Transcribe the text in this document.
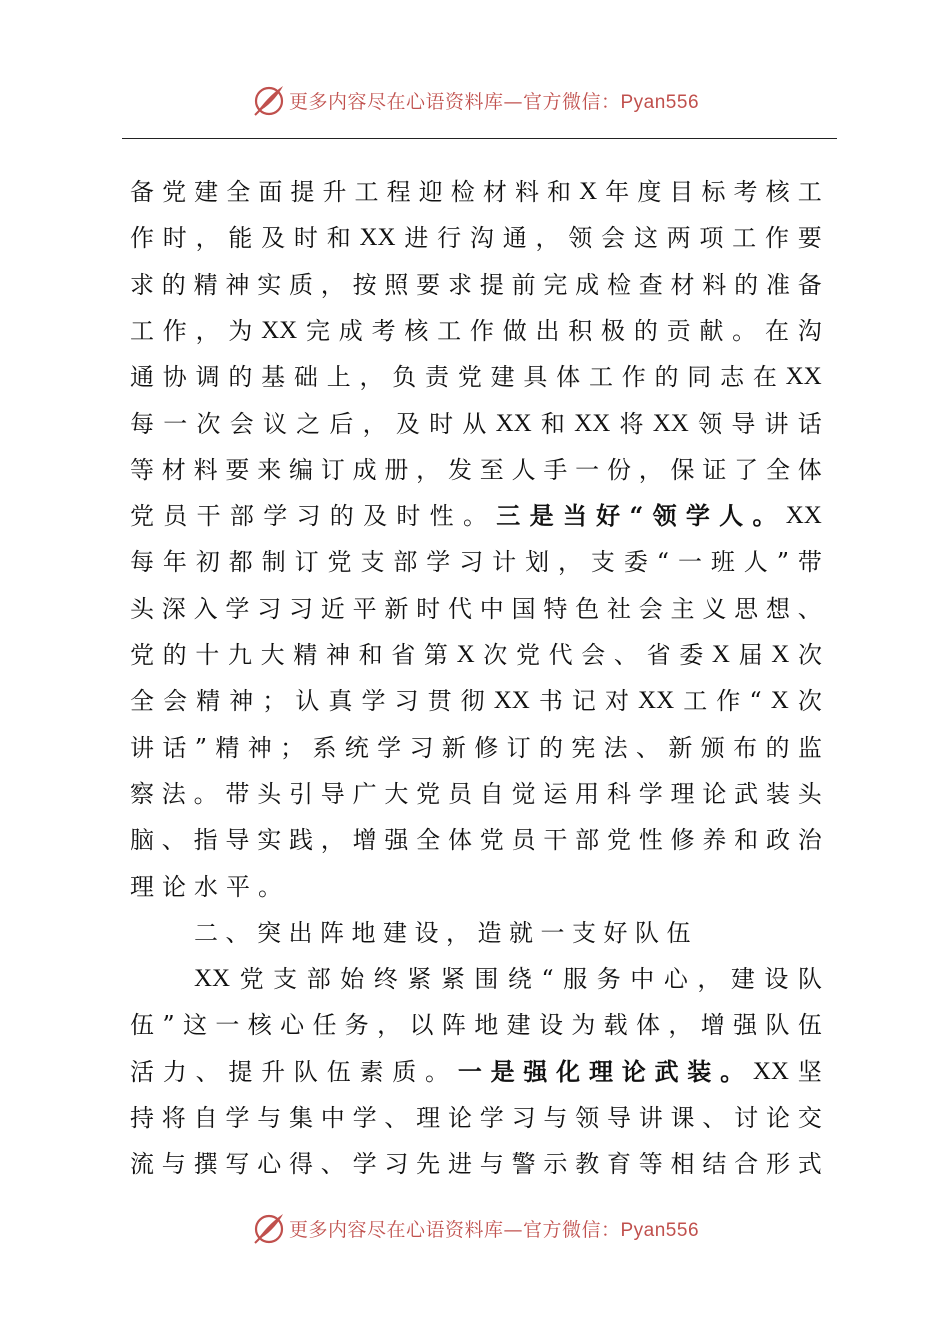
更多内容尽在心语资料库—官方微信：Pyan556
备 党 建 全 面 提 升 工 程 迎 检 材 料 和 X 年 度 目 标 考 核 工
作 时 ， 能 及 时 和 XX 进 行 沟 通 ， 领 会 这 两 项 工 作 要
求 的 精 神 实 质 ， 按 照 要 求 提 前 完 成 检 查 材 料 的 准 备
工 作 ， 为 XX 完 成 考 核 工 作 做 出 积 极 的 贡 献 。 在 沟
通 协 调 的 基 础 上 ， 负 责 党 建 具 体 工 作 的 同 志 在 XX
每 一 次 会 议 之 后 ， 及 时 从 XX 和 XX 将 XX 领 导 讲 话
等 材 料 要 来 编 订 成 册 ， 发 至 人 手 一 份 ， 保 证 了 全 体
党 员 干 部 学 习 的 及 时 性 。 三 是 当 好 “ 领 学 人 。 XX
每 年 初 都 制 订 党 支 部 学 习 计 划 ， 支 委 “ 一 班 人 ” 带
头 深 入 学 习 习 近 平 新 时 代 中 国 特 色 社 会 主 义 思 想 、
党 的 十 九 大 精 神 和 省 第 X 次 党 代 会 、 省 委 X 届 X 次
全 会 精 神 ； 认 真 学 习 贯 彻 XX 书 记 对 XX 工 作 “ X 次
讲 话 ” 精 神 ； 系 统 学 习 新 修 订 的 宪 法 、 新 颁 布 的 监
察 法 。 带 头 引 导 广 大 党 员 自 觉 运 用 科 学 理 论 武 装 头
脑 、 指 导 实 践 ， 增 强 全 体 党 员 干 部 党 性 修 养 和 政 治
理 论 水 平 。
二 、 突 出 阵 地 建 设 ， 造 就 一 支 好 队 伍
XX 党 支 部 始 终 紧 紧 围 绕 “ 服 务 中 心 ， 建 设 队
伍 ” 这 一 核 心 任 务 ， 以 阵 地 建 设 为 载 体 ， 增 强 队 伍
活 力 、 提 升 队 伍 素 质 。 一 是 强 化 理 论 武 装 。 XX 坚
持 将 自 学 与 集 中 学 、 理 论 学 习 与 领 导 讲 课 、 讨 论 交
流 与 撰 写 心 得 、 学 习 先 进 与 警 示 教 育 等 相 结 合 形 式
更多内容尽在心语资料库—官方微信：Pyan556
